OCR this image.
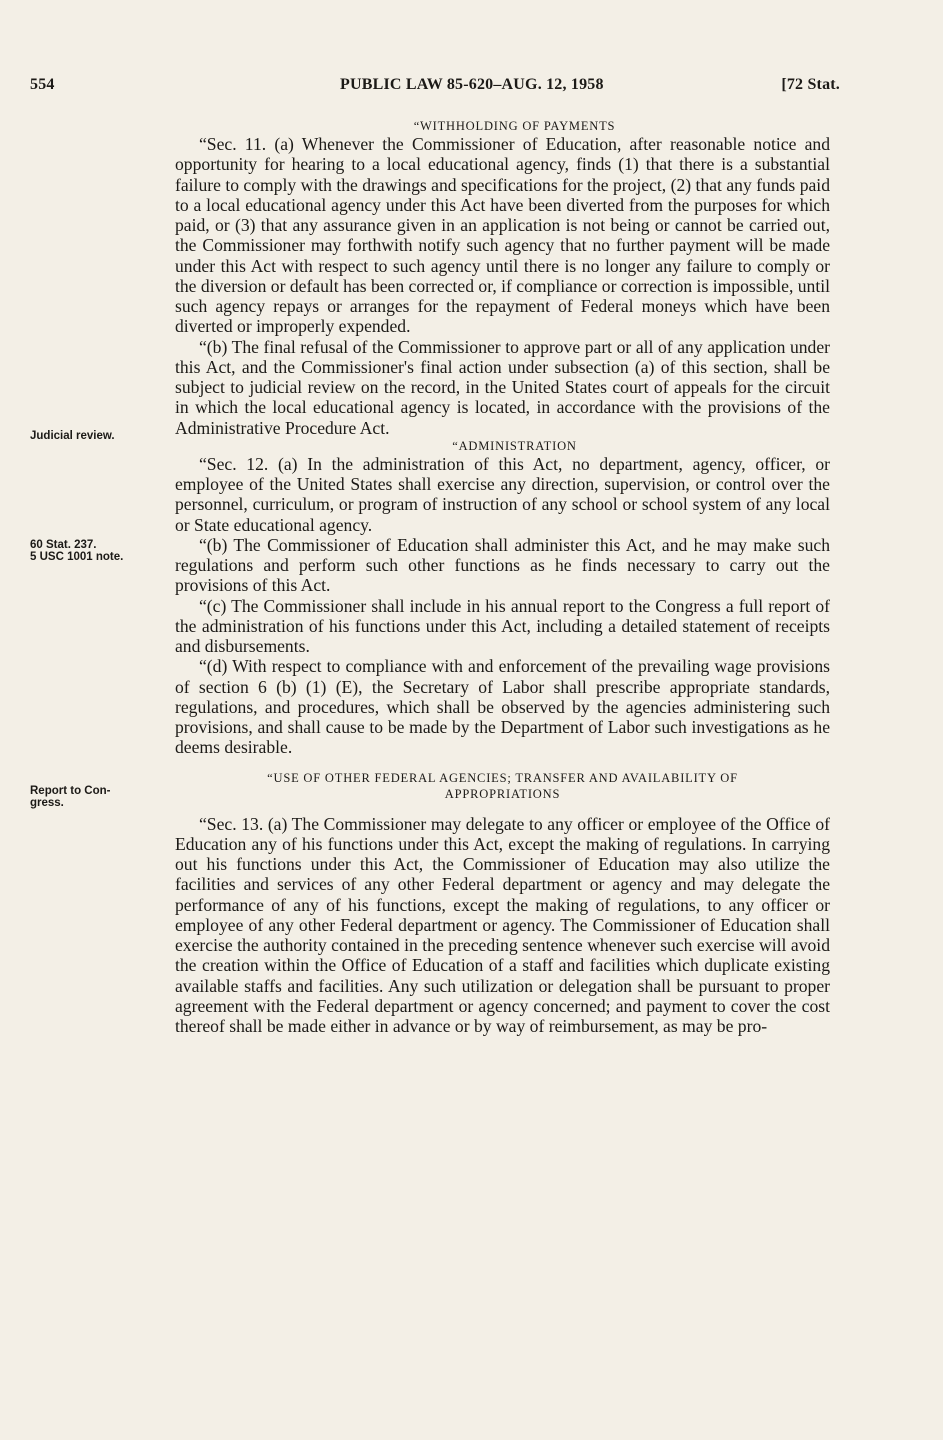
554	PUBLIC LAW 85-620–AUG. 12, 1958	[72 Stat.
Judicial review.
60 Stat. 237.
5 USC 1001 note.
Report to Con-
gress.

“WITHHOLDING OF PAYMENTS

“Sec. 11. (a) Whenever the Commissioner of Education, after reasonable notice and opportunity for hearing to a local educational agency, finds (1) that there is a substantial failure to comply with the drawings and specifications for the project, (2) that any funds paid to a local educational agency under this Act have been diverted from the purposes for which paid, or (3) that any assurance given in an application is not being or cannot be carried out, the Commissioner may forthwith notify such agency that no further payment will be made under this Act with respect to such agency until there is no longer any failure to comply or the diversion or default has been corrected or, if compliance or correction is impossible, until such agency repays or arranges for the repayment of Federal moneys which have been diverted or improperly expended.

“(b) The final refusal of the Commissioner to approve part or all of any application under this Act, and the Commissioner's final action under subsection (a) of this section, shall be subject to judicial review on the record, in the United States court of appeals for the circuit in which the local educational agency is located, in accordance with the provisions of the Administrative Procedure Act.

“ADMINISTRATION

“Sec. 12. (a) In the administration of this Act, no department, agency, officer, or employee of the United States shall exercise any direction, supervision, or control over the personnel, curriculum, or program of instruction of any school or school system of any local or State educational agency.

“(b) The Commissioner of Education shall administer this Act, and he may make such regulations and perform such other functions as he finds necessary to carry out the provisions of this Act.

“(c) The Commissioner shall include in his annual report to the Congress a full report of the administration of his functions under this Act, including a detailed statement of receipts and disbursements.

“(d) With respect to compliance with and enforcement of the prevailing wage provisions of section 6 (b) (1) (E), the Secretary of Labor shall prescribe appropriate standards, regulations, and procedures, which shall be observed by the agencies administering such provisions, and shall cause to be made by the Department of Labor such investigations as he deems desirable.

“USE OF OTHER FEDERAL AGENCIES; TRANSFER AND AVAILABILITY OF
APPROPRIATIONS

“Sec. 13. (a) The Commissioner may delegate to any officer or employee of the Office of Education any of his functions under this Act, except the making of regulations. In carrying out his functions under this Act, the Commissioner of Education may also utilize the facilities and services of any other Federal department or agency and may delegate the performance of any of his functions, except the making of regulations, to any officer or employee of any other Federal department or agency. The Commissioner of Education shall exercise the authority contained in the preceding sentence whenever such exercise will avoid the creation within the Office of Education of a staff and facilities which duplicate existing available staffs and facilities. Any such utilization or delegation shall be pursuant to proper agreement with the Federal department or agency concerned; and payment to cover the cost thereof shall be made either in advance or by way of reimbursement, as may be pro-
